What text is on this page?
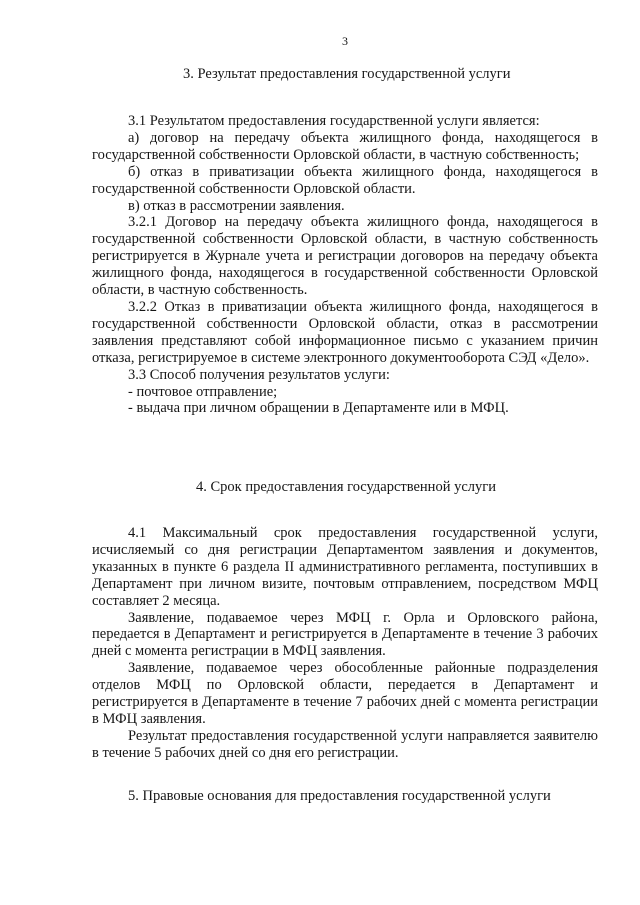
3
3. Результат предоставления государственной услуги

3.1 Результатом предоставления государственной услуги является:

а) договор на передачу объекта жилищного фонда, находящегося в государственной собственности Орловской области, в частную собственность;

б) отказ в приватизации объекта жилищного фонда, находящегося в государственной собственности Орловской области.

в) отказ в рассмотрении заявления.

3.2.1 Договор на передачу объекта жилищного фонда, находящегося в государственной собственности Орловской области, в частную собственность регистрируется в Журнале учета и регистрации договоров на передачу объекта жилищного фонда, находящегося в государственной собственности Орловской области, в частную собственность.

3.2.2 Отказ в приватизации объекта жилищного фонда, находящегося в государственной собственности Орловской области, отказ в рассмотрении заявления представляют собой информационное письмо с указанием причин отказа, регистрируемое в системе электронного документооборота СЭД «Дело».

3.3 Способ получения результатов услуги:

- почтовое отправление;

- выдача при личном обращении в Департаменте или в МФЦ.

4. Срок предоставления государственной услуги

4.1 Максимальный срок предоставления государственной услуги, исчисляемый со дня регистрации Департаментом заявления и документов, указанных в пункте 6 раздела II административного регламента, поступивших в Департамент при личном визите, почтовым отправлением, посредством МФЦ составляет 2 месяца.

Заявление, подаваемое через МФЦ г. Орла и Орловского района, передается в Департамент и регистрируется в Департаменте в течение 3 рабочих дней с момента регистрации в МФЦ заявления.

Заявление, подаваемое через обособленные районные подразделения отделов МФЦ по Орловской области, передается в Департамент и регистрируется в Департаменте в течение 7 рабочих дней с момента регистрации в МФЦ заявления.

Результат предоставления государственной услуги направляется заявителю в течение 5 рабочих дней со дня его регистрации.

5. Правовые основания для предоставления государственной услуги
